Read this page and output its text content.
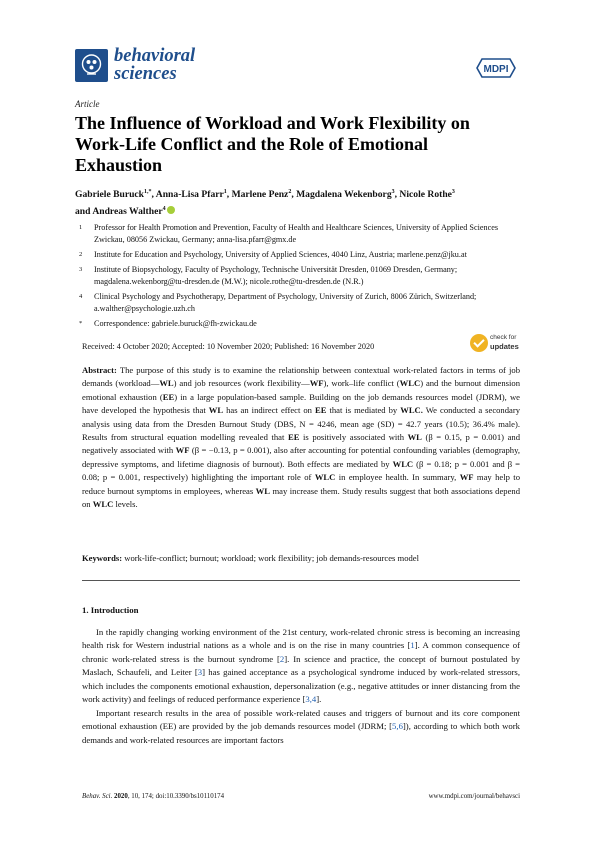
behavioral
sciences	MDPI
Article
The Influence of Workload and Work Flexibility on Work-Life Conflict and the Role of Emotional Exhaustion
Gabriele Buruck$^{1,*}$, Anna-Lisa Pfarr$^1$, Marlene Penz$^2$, Magdalena Wekenborg$^3$, Nicole Rothe$^3$
and Andreas Walther$^4$
1	Professor for Health Promotion and Prevention, Faculty of Health and Healthcare Sciences, University of Applied Sciences Zwickau, 08056 Zwickau, Germany; anna-lisa.pfarr@gmx.de
2	Institute for Education and Psychology, University of Applied Sciences, 4040 Linz, Austria; marlene.penz@jku.at
3	Institute of Biopsychology, Faculty of Psychology, Technische Universität Dresden, 01069 Dresden, Germany; magdalena.wekenborg@tu-dresden.de (M.W.); nicole.rothe@tu-dresden.de (N.R.)
4	Clinical Psychology and Psychotherapy, Department of Psychology, University of Zurich, 8006 Zürich, Switzerland; a.walther@psychologie.uzh.ch
*	Correspondence: gabriele.buruck@fh-zwickau.de
check for
updates
Received: 4 October 2020; Accepted: 10 November 2020; Published: 16 November 2020
Abstract: The purpose of this study is to examine the relationship between contextual work-related factors in terms of job demands (workload—WL) and job resources (work flexibility—WF), work–life conflict (WLC) and the burnout dimension emotional exhaustion (EE) in a large population-based sample. Building on the job demands resources model (JDRM), we have developed the hypothesis that WL has an indirect effect on EE that is mediated by WLC. We conducted a secondary analysis using data from the Dresden Burnout Study (DBS, N = 4246, mean age (SD) = 42.7 years (10.5); 36.4% male). Results from structural equation modelling revealed that EE is positively associated with WL (β = 0.15, p = 0.001) and negatively associated with WF (β = −0.13, p = 0.001), also after accounting for potential confounding variables (demography, depressive symptoms, and lifetime diagnosis of burnout). Both effects are mediated by WLC (β = 0.18; p = 0.001 and β = 0.08; p = 0.001, respectively) highlighting the important role of WLC in employee health. In summary, WF may help to reduce burnout symptoms in employees, whereas WL may increase them. Study results suggest that both associations depend on WLC levels.
Keywords: work-life-conflict; burnout; workload; work flexibility; job demands-resources model
1. Introduction

In the rapidly changing working environment of the 21st century, work-related chronic stress is becoming an increasing health risk for Western industrial nations as a whole and is on the rise in many countries [1]. A common consequence of chronic work-related stress is the burnout syndrome [2]. In science and practice, the concept of burnout postulated by Maslach, Schaufeli, and Leiter [3] has gained acceptance as a psychological syndrome induced by work-related stressors, which includes the components emotional exhaustion, depersonalization (e.g., negative attitudes or inner distancing from the work activity) and feelings of reduced performance experience [3,4].

Important research results in the area of possible work-related causes and triggers of burnout and its core component emotional exhaustion (EE) are provided by the job demands resources model (JDRM; [5,6]), according to which both work demands and work-related resources are important factors

Behav. Sci. 2020, 10, 174; doi:10.3390/bs10110174	www.mdpi.com/journal/behavsci
